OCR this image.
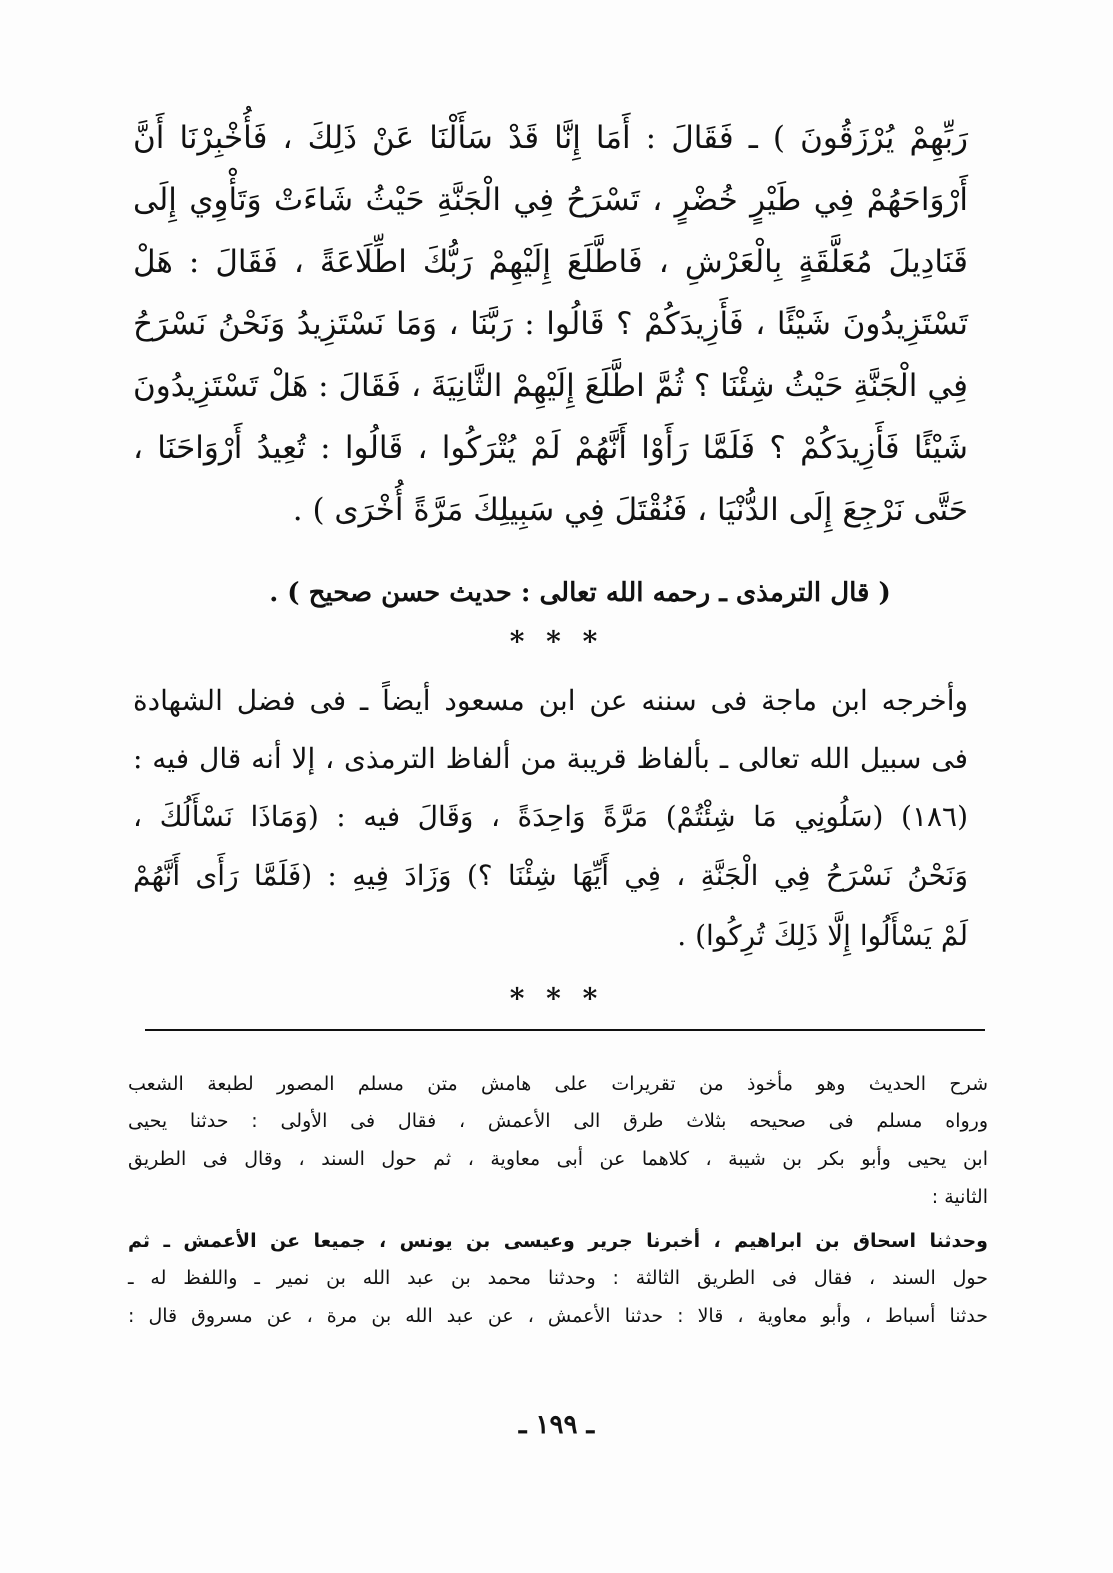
رَبِّهِمْ يُرْزَقُونَ ) ـ فَقَالَ : أَمَا إِنَّا قَدْ سَأَلْنَا عَنْ ذَلِكَ ، فَأُخْبِرْنَا أَنَّ
أَرْوَاحَهُمْ فِي طَيْرٍ خُضْرٍ ، تَسْرَحُ فِي الْجَنَّةِ حَيْثُ شَاءَتْ وَتَأْوِي إِلَى
قَنَادِيلَ مُعَلَّقَةٍ بِالْعَرْشِ ، فَاطَّلَعَ إِلَيْهِمْ رَبُّكَ اطِّلَاعَةً ، فَقَالَ : هَلْ
تَسْتَزِيدُونَ شَيْئًا ، فَأَزِيدَكُمْ ؟ قَالُوا : رَبَّنَا ، وَمَا نَسْتَزِيدُ وَنَحْنُ نَسْرَحُ
فِي الْجَنَّةِ حَيْثُ شِئْنَا ؟ ثُمَّ اطَّلَعَ إِلَيْهِمْ الثَّانِيَةَ ، فَقَالَ : هَلْ تَسْتَزِيدُونَ
شَيْئًا فَأَزِيدَكُمْ ؟ فَلَمَّا رَأَوْا أَنَّهُمْ لَمْ يُتْرَكُوا ، قَالُوا : تُعِيدُ أَرْوَاحَنَا ،
حَتَّى نَرْجِعَ إِلَى الدُّنْيَا ، فَنُقْتَلَ فِي سَبِيلِكَ مَرَّةً أُخْرَى ) .
( قال الترمذى ـ رحمه الله تعالى : حديث حسن صحيح ) .
* * *
وأخرجه ابن ماجة فى سننه عن ابن مسعود أيضاً ـ فى فضل الشهادة
فى سبيل الله تعالى ـ بألفاظ قريبة من ألفاظ الترمذى ، إلا أنه قال فيه :
(١٨٦) (سَلُونِي مَا شِئْتُمْ) مَرَّةً وَاحِدَةً ، وَقَالَ فيه : (وَمَاذَا نَسْأَلُكَ ،
وَنَحْنُ نَسْرَحُ فِي الْجَنَّةِ ، فِي أَيِّهَا شِئْنَا ؟) وَزَادَ فِيهِ : (فَلَمَّا رَأَى أَنَّهُمْ
لَمْ يَسْأَلُوا إِلَّا ذَلِكَ تُرِكُوا) .
* * *
شرح الحديث وهو مأخوذ من تقريرات على هامش متن مسلم المصور لطبعة الشعب
ورواه مسلم فى صحيحه بثلاث طرق الى الأعمش ، فقال فى الأولى : حدثنا يحيى
ابن يحيى وأبو بكر بن شيبة ، كلاهما عن أبى معاوية ، ثم حول السند ، وقال فى الطريق
الثانية :
وحدثنا اسحاق بن ابراهيم ، أخبرنا جرير وعيسى بن يونس ، جميعا عن الأعمش ـ ثم
حول السند ، فقال فى الطريق الثالثة : وحدثنا محمد بن عبد الله بن نمير ـ واللفظ له ـ
حدثنا أسباط ، وأبو معاوية ، قالا : حدثنا الأعمش ، عن عبد الله بن مرة ، عن مسروق قال :
ـ ١٩٩ ـ
